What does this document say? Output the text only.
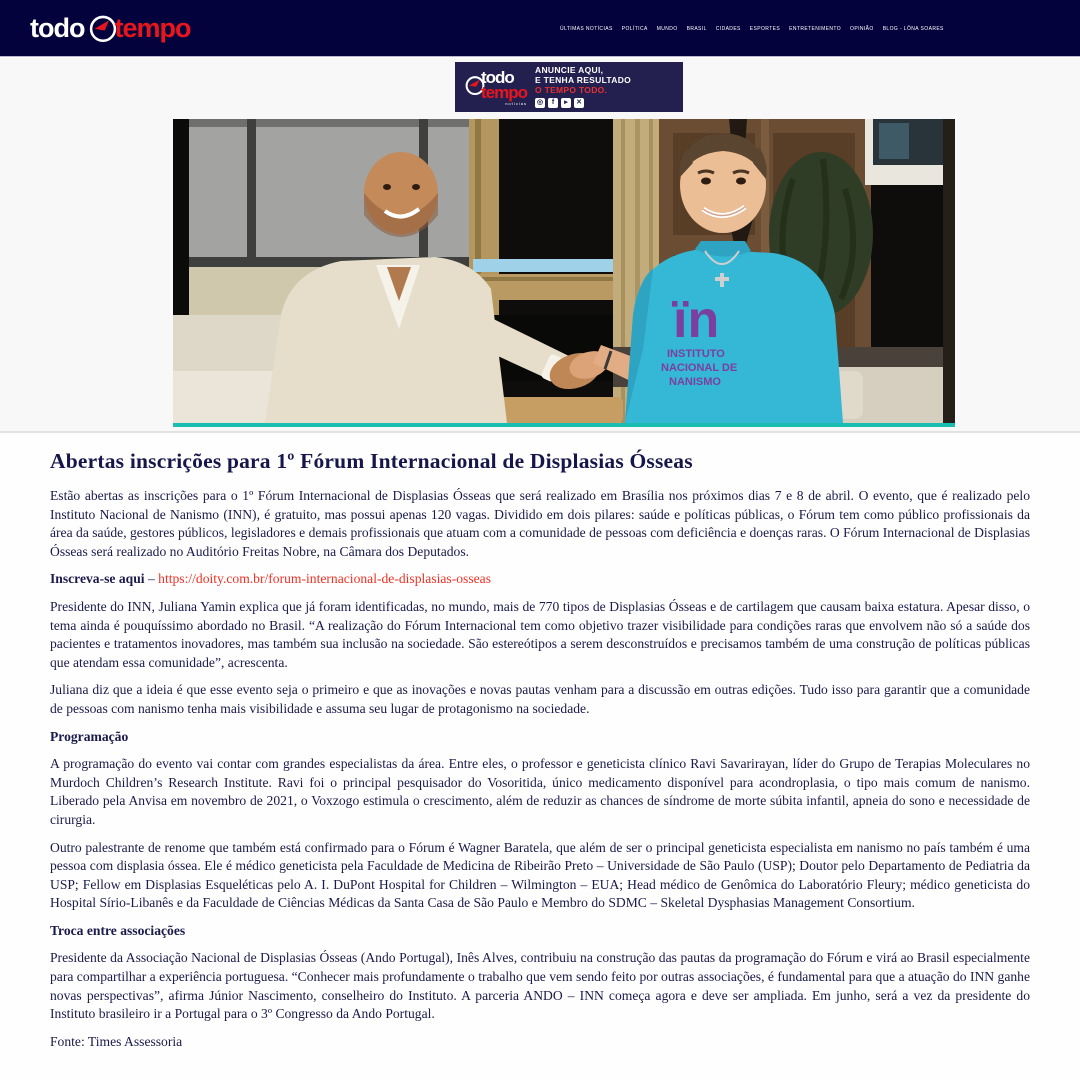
todo tempo	ÚLTIMAS NOTÍCIAS POLÍTICA MUNDO BRASIL CIDADES ESPORTES ENTRETENIMENTO OPINIÃO BLOG - LÔNA SOARES
todo
tempo
notícias
ANUNCIE AQUI,
E TENHA RESULTADO
O TEMPO TODO.
◎	f	▸	✕
ïn
INSTITUTO
NACIONAL DE
NANISMO
Abertas inscrições para 1º Fórum Internacional de Displasias Ósseas

Estão abertas as inscrições para o 1º Fórum Internacional de Displasias Ósseas que será realizado em Brasília nos próximos dias 7 e 8 de abril. O evento, que é realizado pelo Instituto Nacional de Nanismo (INN), é gratuito, mas possui apenas 120 vagas. Dividido em dois pilares: saúde e políticas públicas, o Fórum tem como público profissionais da área da saúde, gestores públicos, legisladores e demais profissionais que atuam com a comunidade de pessoas com deficiência e doenças raras. O Fórum Internacional de Displasias Ósseas será realizado no Auditório Freitas Nobre, na Câmara dos Deputados.

Inscreva-se aqui – https://doity.com.br/forum-internacional-de-displasias-osseas

Presidente do INN, Juliana Yamin explica que já foram identificadas, no mundo, mais de 770 tipos de Displasias Ósseas e de cartilagem que causam baixa estatura. Apesar disso, o tema ainda é pouquíssimo abordado no Brasil. “A realização do Fórum Internacional tem como objetivo trazer visibilidade para condições raras que envolvem não só a saúde dos pacientes e tratamentos inovadores, mas também sua inclusão na sociedade. São estereótipos a serem desconstruídos e precisamos também de uma construção de políticas públicas que atendam essa comunidade”, acrescenta.

Juliana diz que a ideia é que esse evento seja o primeiro e que as inovações e novas pautas venham para a discussão em outras edições. Tudo isso para garantir que a comunidade de pessoas com nanismo tenha mais visibilidade e assuma seu lugar de protagonismo na sociedade.

Programação

A programação do evento vai contar com grandes especialistas da área. Entre eles, o professor e geneticista clínico Ravi Savarirayan, líder do Grupo de Terapias Moleculares no Murdoch Children’s Research Institute. Ravi foi o principal pesquisador do Vosoritida, único medicamento disponível para acondroplasia, o tipo mais comum de nanismo. Liberado pela Anvisa em novembro de 2021, o Voxzogo estimula o crescimento, além de reduzir as chances de síndrome de morte súbita infantil, apneia do sono e necessidade de cirurgia.

Outro palestrante de renome que também está confirmado para o Fórum é Wagner Baratela, que além de ser o principal geneticista especialista em nanismo no país também é uma pessoa com displasia óssea. Ele é médico geneticista pela Faculdade de Medicina de Ribeirão Preto – Universidade de São Paulo (USP); Doutor pelo Departamento de Pediatria da USP; Fellow em Displasias Esqueléticas pelo A. I. DuPont Hospital for Children – Wilmington – EUA; Head médico de Genômica do Laboratório Fleury; médico geneticista do Hospital Sírio-Libanês e da Faculdade de Ciências Médicas da Santa Casa de São Paulo e Membro do SDMC – Skeletal Dysphasias Management Consortium.

Troca entre associações

Presidente da Associação Nacional de Displasias Ósseas (Ando Portugal), Inês Alves, contribuiu na construção das pautas da programação do Fórum e virá ao Brasil especialmente para compartilhar a experiência portuguesa. “Conhecer mais profundamente o trabalho que vem sendo feito por outras associações, é fundamental para que a atuação do INN ganhe novas perspectivas”, afirma Júnior Nascimento, conselheiro do Instituto. A parceria ANDO – INN começa agora e deve ser ampliada. Em junho, será a vez da presidente do Instituto brasileiro ir a Portugal para o 3º Congresso da Ando Portugal.

Fonte: Times Assessoria
